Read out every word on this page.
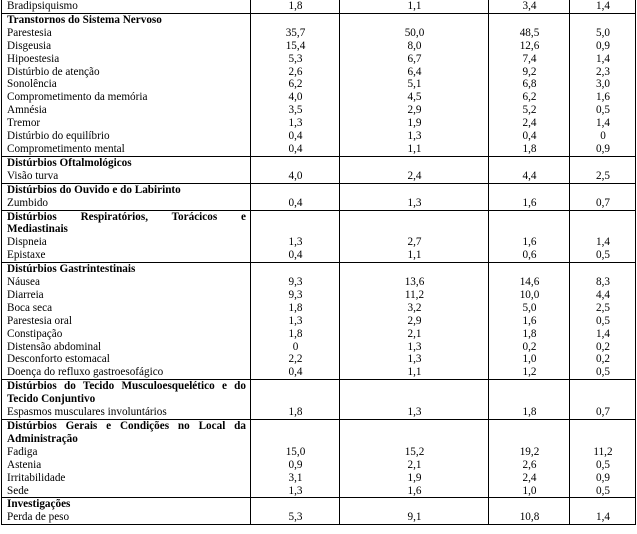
Bradipsiquismo	1,8	1,1	3,4	1,4
Transtornos do Sistema Nervoso				
Parestesia	35,7	50,0	48,5	5,0
Disgeusia	15,4	8,0	12,6	0,9
Hipoestesia	5,3	6,7	7,4	1,4
Distúrbio de atenção	2,6	6,4	9,2	2,3
Sonolência	6,2	5,1	6,8	3,0
Comprometimento da memória	4,0	4,5	6,2	1,6
Amnésia	3,5	2,9	5,2	0,5
Tremor	1,3	1,9	2,4	1,4
Distúrbio do equilíbrio	0,4	1,3	0,4	0
Comprometimento mental	0,4	1,1	1,8	0,9
Distúrbios Oftalmológicos				
Visão turva	4,0	2,4	4,4	2,5
Distúrbios do Ouvido e do Labirinto				
Zumbido	0,4	1,3	1,6	0,7
Distúrbios Respiratórios, Torácicos e Mediastinais				
Dispneia	1,3	2,7	1,6	1,4
Epistaxe	0,4	1,1	0,6	0,5
Distúrbios Gastrintestinais				
Náusea	9,3	13,6	14,6	8,3
Diarreia	9,3	11,2	10,0	4,4
Boca seca	1,8	3,2	5,0	2,5
Parestesia oral	1,3	2,9	1,6	0,5
Constipação	1,8	2,1	1,8	1,4
Distensão abdominal	0	1,3	0,2	0,2
Desconforto estomacal	2,2	1,3	1,0	0,2
Doença do refluxo gastroesofágico	0,4	1,1	1,2	0,5
Distúrbios do Tecido Musculoesquelético e do Tecido Conjuntivo				
Espasmos musculares involuntários	1,8	1,3	1,8	0,7
Distúrbios Gerais e Condições no Local da Administração				
Fadiga	15,0	15,2	19,2	11,2
Astenia	0,9	2,1	2,6	0,5
Irritabilidade	3,1	1,9	2,4	0,9
Sede	1,3	1,6	1,0	0,5
Investigações				
Perda de peso	5,3	9,1	10,8	1,4
